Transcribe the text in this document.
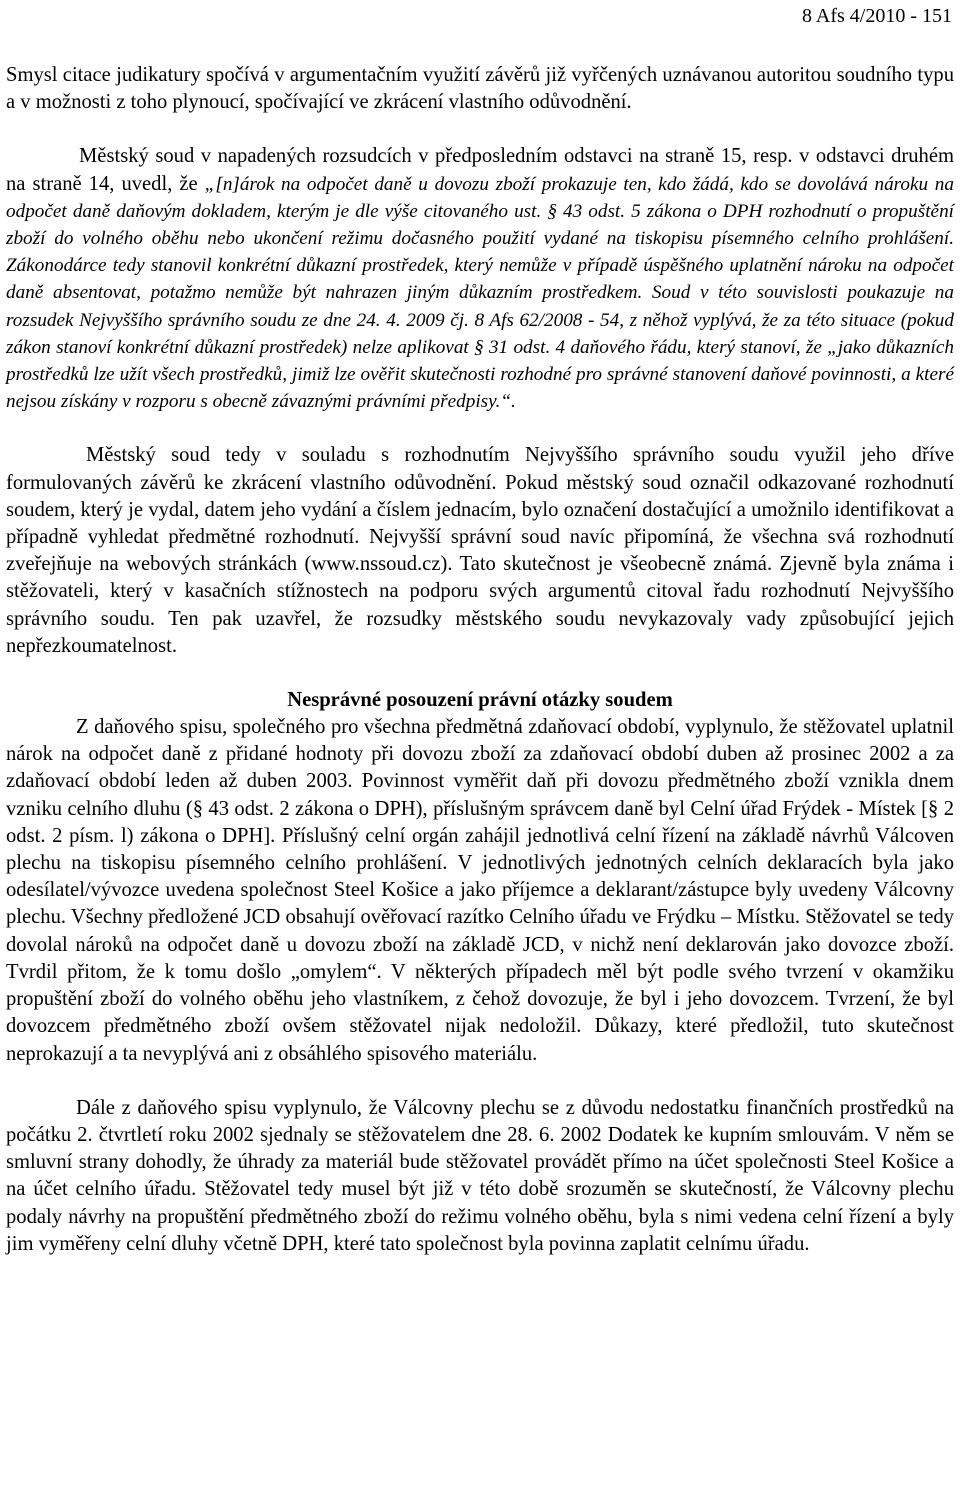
8 Afs 4/2010 - 151

Smysl citace judikatury spočívá v argumentačním využití závěrů již vyřčených uznávanou autoritou soudního typu a v možnosti z toho plynoucí, spočívající ve zkrácení vlastního odůvodnění.

Městský soud v napadených rozsudcích v předposledním odstavci na straně 15, resp. v odstavci druhém na straně 14, uvedl, že „[n]árok na odpočet daně u dovozu zboží prokazuje ten, kdo žádá, kdo se dovolává nároku na odpočet daně daňovým dokladem, kterým je dle výše citovaného ust. § 43 odst. 5 zákona o DPH rozhodnutí o propuštění zboží do volného oběhu nebo ukončení režimu dočasného použití vydané na tiskopisu písemného celního prohlášení. Zákonodárce tedy stanovil konkrétní důkazní prostředek, který nemůže v případě úspěšného uplatnění nároku na odpočet daně absentovat, potažmo nemůže být nahrazen jiným důkazním prostředkem. Soud v této souvislosti poukazuje na rozsudek Nejvyššího správního soudu ze dne 24. 4. 2009 čj. 8 Afs 62/2008 - 54, z něhož vyplývá, že za této situace (pokud zákon stanoví konkrétní důkazní prostředek) nelze aplikovat § 31 odst. 4 daňového řádu, který stanoví, že „jako důkazních prostředků lze užít všech prostředků, jimiž lze ověřit skutečnosti rozhodné pro správné stanovení daňové povinnosti, a které nejsou získány v rozporu s obecně závaznými právními předpisy.“.

Městský soud tedy v souladu s rozhodnutím Nejvyššího správního soudu využil jeho dříve formulovaných závěrů ke zkrácení vlastního odůvodnění. Pokud městský soud označil odkazované rozhodnutí soudem, který je vydal, datem jeho vydání a číslem jednacím, bylo označení dostačující a umožnilo identifikovat a případně vyhledat předmětné rozhodnutí. Nejvyšší správní soud navíc připomíná, že všechna svá rozhodnutí zveřejňuje na webových stránkách (www.nssoud.cz). Tato skutečnost je všeobecně známá. Zjevně byla známa i stěžovateli, který v kasačních stížnostech na podporu svých argumentů citoval řadu rozhodnutí Nejvyššího správního soudu. Ten pak uzavřel, že rozsudky městského soudu nevykazovaly vady způsobující jejich nepřezkoumatelnost.

Nesprávné posouzení právní otázky soudem

Z daňového spisu, společného pro všechna předmětná zdaňovací období, vyplynulo, že stěžovatel uplatnil nárok na odpočet daně z přidané hodnoty při dovozu zboží za zdaňovací období duben až prosinec 2002 a za zdaňovací období leden až duben 2003. Povinnost vyměřit daň při dovozu předmětného zboží vznikla dnem vzniku celního dluhu (§ 43 odst. 2 zákona o DPH), příslušným správcem daně byl Celní úřad Frýdek - Místek [§ 2 odst. 2 písm. l) zákona o DPH]. Příslušný celní orgán zahájil jednotlivá celní řízení na základě návrhů Válcoven plechu na tiskopisu písemného celního prohlášení. V jednotlivých jednotných celních deklaracích byla jako odesílatel/vývozce uvedena společnost Steel Košice a jako příjemce a deklarant/zástupce byly uvedeny Válcovny plechu. Všechny předložené JCD obsahují ověřovací razítko Celního úřadu ve Frýdku – Místku. Stěžovatel se tedy dovolal nároků na odpočet daně u dovozu zboží na základě JCD, v nichž není deklarován jako dovozce zboží. Tvrdil přitom, že k tomu došlo „omylem“. V některých případech měl být podle svého tvrzení v okamžiku propuštění zboží do volného oběhu jeho vlastníkem, z čehož dovozuje, že byl i jeho dovozcem. Tvrzení, že byl dovozcem předmětného zboží ovšem stěžovatel nijak nedoložil. Důkazy, které předložil, tuto skutečnost neprokazují a ta nevyplývá ani z obsáhlého spisového materiálu.

Dále z daňového spisu vyplynulo, že Válcovny plechu se z důvodu nedostatku finančních prostředků na počátku 2. čtvrtletí roku 2002 sjednaly se stěžovatelem dne 28. 6. 2002 Dodatek ke kupním smlouvám. V něm se smluvní strany dohodly, že úhrady za materiál bude stěžovatel provádět přímo na účet společnosti Steel Košice a na účet celního úřadu. Stěžovatel tedy musel být již v této době srozuměn se skutečností, že Válcovny plechu podaly návrhy na propuštění předmětného zboží do režimu volného oběhu, byla s nimi vedena celní řízení a byly jim vyměřeny celní dluhy včetně DPH, které tato společnost byla povinna zaplatit celnímu úřadu.
